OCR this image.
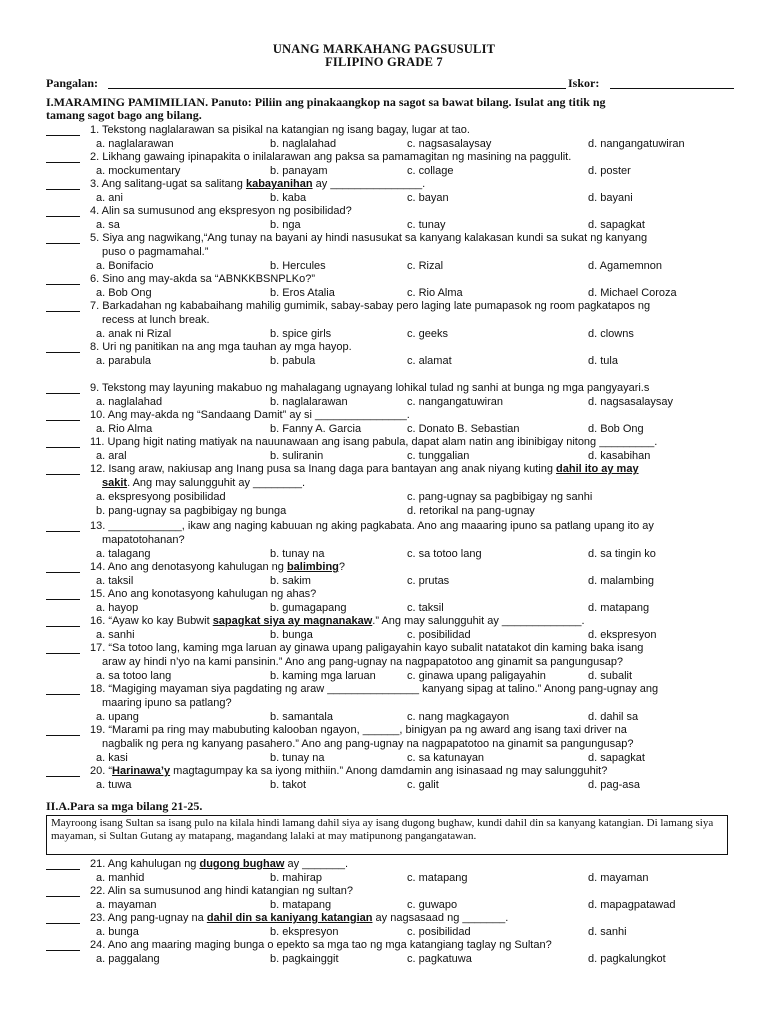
UNANG MARKAHANG PAGSUSULIT
FILIPINO GRADE 7
Pangalan:	Iskor:
I.MARAMING PAMIMILIAN. Panuto: Piliin ang pinakaangkop na sagot sa bawat bilang. Isulat ang titik ng
tamang sagot bago ang bilang.
1. Tekstong naglalarawan sa pisikal na katangian ng isang bagay, lugar at tao.
a. naglalarawan	b. naglalahad	c. nagsasalaysay	d. nangangatuwiran
2. Likhang gawaing ipinapakita o inilalarawan ang paksa sa pamamagitan ng masining na paggulit.
a. mockumentary	b. panayam	c. collage	d. poster
3. Ang salitang-ugat sa salitang kabayanihan ay _______________.
a. ani	b. kaba	c. bayan	d. bayani
4. Alin sa sumusunod ang ekspresyon ng posibilidad?
a. sa	b. nga	c. tunay	d. sapagkat
5. Siya ang nagwikang,“Ang tunay na bayani ay hindi nasusukat sa kanyang kalakasan kundi sa sukat ng kanyang
puso o pagmamahal.”
a. Bonifacio	b. Hercules	c. Rizal	d. Agamemnon
6. Sino ang may-akda sa “ABNKKBSNPLKo?”
a. Bob Ong	b. Eros Atalia	c. Rio Alma	d. Michael Coroza
7. Barkadahan ng kababaihang mahilig gumimik, sabay-sabay pero laging late pumapasok ng room pagkatapos ng
recess at lunch break.
a. anak ni Rizal	b. spice girls	c. geeks	d. clowns
8. Uri ng panitikan na ang mga tauhan ay mga hayop.
a. parabula	b. pabula	c. alamat	d. tula
9. Tekstong may layuning makabuo ng mahalagang ugnayang lohikal tulad ng sanhi at bunga ng mga pangyayari.s
a. naglalahad	b. naglalarawan	c. nangangatuwiran	d. nagsasalaysay
10. Ang may-akda ng “Sandaang Damit” ay si _______________.
a. Rio Alma	b. Fanny A. Garcia	c. Donato B. Sebastian	d. Bob Ong
11. Upang higit nating matiyak na nauunawaan ang isang pabula, dapat alam natin ang ibinibigay nitong _________.
a. aral	b. suliranin	c. tunggalian	d. kasabihan
12. Isang araw, nakiusap ang Inang pusa sa Inang daga para bantayan ang anak niyang kuting dahil ito ay may
sakit. Ang may salungguhit ay ________.
a. ekspresyong posibilidad	c. pang-ugnay sa pagbibigay ng sanhi
b. pang-ugnay sa pagbibigay ng bunga	d. retorikal na pang-ugnay
13. ____________, ikaw ang naging kabuuan ng aking pagkabata. Ano ang maaaring ipuno sa patlang upang ito ay
mapatotohanan?
a. talagang	b. tunay na	c. sa totoo lang	d. sa tingin ko
14. Ano ang denotasyong kahulugan ng balimbing?
a. taksil	b. sakim	c. prutas	d. malambing
15. Ano ang konotasyong kahulugan ng ahas?
a. hayop	b. gumagapang	c. taksil	d. matapang
16. “Ayaw ko kay Bubwit sapagkat siya ay magnanakaw.” Ang may salungguhit ay _____________.
a. sanhi	b. bunga	c. posibilidad	d. ekspresyon
17. “Sa totoo lang, kaming mga laruan ay ginawa upang paligayahin kayo subalit natatakot din kaming baka isang
araw ay hindi n’yo na kami pansinin.” Ano ang pang-ugnay na nagpapatotoo ang ginamit sa pangungusap?
a. sa totoo lang	b. kaming mga laruan	c. ginawa upang paligayahin	d. subalit
18. “Magiging mayaman siya pagdating ng araw _______________ kanyang sipag at talino.” Anong pang-ugnay ang
maaring ipuno sa patlang?
a. upang	b. samantala	c. nang magkagayon	d. dahil sa
19. “Marami pa ring may mabubuting kalooban ngayon, ______, binigyan pa ng award ang isang taxi driver na
nagbalik ng pera ng kanyang pasahero.” Ano ang pang-ugnay na nagpapatotoo na ginamit sa pangungusap?
a. kasi	b. tunay na	c. sa katunayan	d. sapagkat
20. “Harinawa’y magtagumpay ka sa iyong mithiin.” Anong damdamin ang isinasaad ng may salungguhit?
a. tuwa	b. takot	c. galit	d. pag-asa
II.A.Para sa mga bilang 21-25.
Mayroong isang Sultan sa isang pulo na kilala hindi lamang dahil siya ay isang dugong bughaw, kundi dahil din sa kanyang katangian. Di lamang siya mayaman, si Sultan Gutang ay matapang, magandang lalaki at may matipunong pangangatawan.
21. Ang kahulugan ng dugong bughaw ay _______.
a. manhid	b. mahirap	c. matapang	d. mayaman
22. Alin sa sumusunod ang hindi katangian ng sultan?
a. mayaman	b. matapang	c. guwapo	d. mapagpatawad
23. Ang pang-ugnay na dahil din sa kaniyang katangian ay nagsasaad ng _______.
a. bunga	b. ekspresyon	c. posibilidad	d. sanhi
24. Ano ang maaring maging bunga o epekto sa mga tao ng mga katangiang taglay ng Sultan?
a. paggalang	b. pagkainggit	c. pagkatuwa	d. pagkalungkot
